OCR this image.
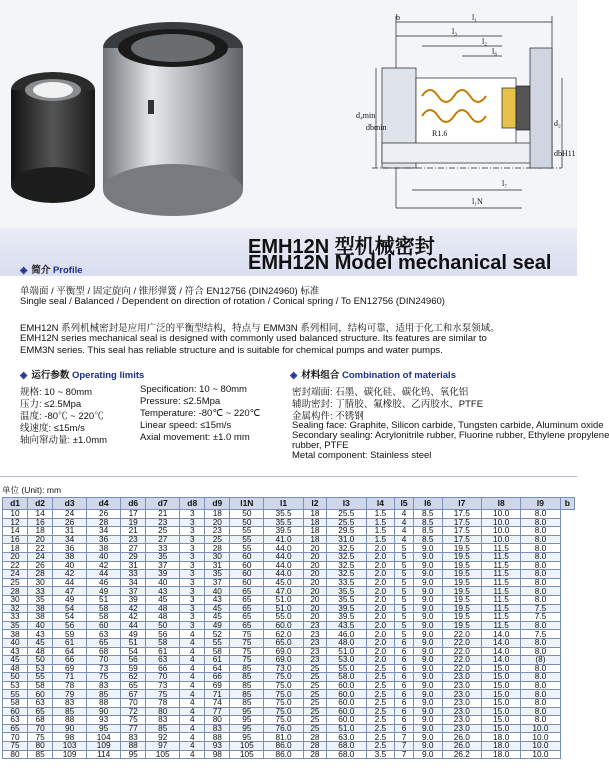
b	l₁
l₃
l₂
l₈
d₄min
dbmin	d₂
dbH11
R1.6
l₁N
l₇
EMH12N 型机械密封
EMH12N Model mechanical seal
◈ 简介 Profile
单端面 / 平衡型 / 固定旋向 / 锥形弹簧 / 符合 EN12756 (DIN24960) 标准
Single seal / Balanced / Dependent on direction of rotation / Conical spring / To EN12756 (DIN24960)
EMH12N 系列机械密封是应用广泛的平衡型结构，特点与 EMM3N 系列相同，结构可靠，适用于化工和水泵领域。
EMH12N series mechanical seal is designed with commonly used balanced structure. Its features are similar to
EMM3N series. This seal has reliable structure and is suitable for chemical pumps and water pumps.
◈ 运行参数 Operating limits
规格: 10 ~ 80mm
压力: ≤2.5Mpa
温度: -80℃ ~ 220℃
线速度: ≤15m/s
轴向窜动量: ±1.0mm
Specification: 10 ~ 80mm
Pressure: ≤2.5Mpa
Temperature: -80℃ ~ 220℃
Linear speed: ≤15m/s
Axial movement: ±1.0 mm
◈ 材料组合 Combination of materials
密封端面: 石墨、碳化硅、碳化钨、氧化铝
辅助密封: 丁腈胶、氟橡胶、乙丙胶水、PTFE
金属构件: 不锈钢
Sealing face: Graphite, Silicon carbide, Tungsten carbide, Aluminum oxide
Secondary sealing: Acrylonitrile rubber, Fluorine rubber, Ethylene propylene
rubber, PTFE
Metal component: Stainless steel
单位 (Unit): mm
d1	d2	d3	d4	d6	d7	d8	d9	l1N	l1	l2	l3	l4	l5	l6	l7	l8	l9	b
10	14	24	26	17	21	3	18	50	35.5	18	25.5	1.5	4	8.5	17.5	10.0	8.0	
12	16	26	28	19	23	3	20	50	35.5	18	25.5	1.5	4	8.5	17.5	10.0	8.0	
14	18	31	34	21	25	3	23	55	39.5	18	29.5	1.5	4	8.5	17.5	10.0	8.0	
16	20	34	36	23	27	3	25	55	41.0	18	31.0	1.5	4	8.5	17.5	10.0	8.0	
18	22	36	38	27	33	3	28	55	44.0	20	32.5	2.0	5	9.0	19.5	11.5	8.0	
20	24	38	40	29	35	3	30	60	44.0	20	32.5	2.0	5	9.0	19.5	11.5	8.0	
22	26	40	42	31	37	3	31	60	44.0	20	32.5	2.0	5	9.0	19.5	11.5	8.0	
24	28	42	44	33	39	3	35	60	44.0	20	32.5	2.0	5	9.0	19.5	11.5	8.0	
25	30	44	46	34	40	3	37	60	45.0	20	33.5	2.0	5	9.0	19.5	11.5	8.0	
28	33	47	49	37	43	3	40	65	47.0	20	35.5	2.0	5	9.0	19.5	11.5	8.0	
30	35	49	51	39	45	3	43	65	51.0	20	35.5	2.0	5	9.0	19.5	11.5	8.0	
32	38	54	58	42	48	3	45	65	51.0	20	39.5	2.0	5	9.0	19.5	11.5	7.5	
33	38	54	58	42	48	3	45	65	55.0	20	39.5	2.0	5	9.0	19.5	11.5	7.5	
35	40	56	60	44	50	3	49	65	60.0	23	43.5	2.0	5	9.0	19.5	11.5	8.0	
38	43	59	63	49	56	4	52	75	62.0	23	46.0	2.0	5	9.0	22.0	14.0	7.5	
40	45	61	65	51	58	4	55	75	65.0	23	48.0	2.0	6	9.0	22.0	14.0	8.0	
43	48	64	68	54	61	4	58	75	69.0	23	51.0	2.0	6	9.0	22.0	14.0	8.0	
45	50	66	70	56	63	4	61	75	69.0	23	53.0	2.0	6	9.0	22.0	14.0	(8)	
48	53	69	73	59	66	4	64	85	73.0	25	55.0	2.5	6	9.0	22.0	15.0	8.0	
50	55	71	75	62	70	4	66	85	75.0	25	58.0	2.5	6	9.0	23.0	15.0	8.0	
53	58	78	83	65	73	4	69	85	75.0	25	60.0	2.5	6	9.0	23.0	15.0	8.0	
55	60	79	85	67	75	4	71	85	75.0	25	60.0	2.5	6	9.0	23.0	15.0	8.0	
58	63	83	88	70	78	4	74	85	75.0	25	60.0	2.5	6	9.0	23.0	15.0	8.0	
60	65	85	90	72	80	4	77	95	75.0	25	60.0	2.5	6	9.0	23.0	15.0	8.0	
63	68	88	93	75	83	4	80	95	75.0	25	60.0	2.5	6	9.0	23.0	15.0	8.0	
65	70	90	95	77	85	4	83	95	76.0	25	51.0	2.5	6	9.0	23.0	15.0	10.0	
70	75	98	104	83	92	4	88	95	81.0	28	63.0	2.5	7	9.0	26.0	18.0	10.0	
75	80	103	109	88	97	4	93	105	86.0	28	68.0	2.5	7	9.0	26.0	18.0	10.0	
80	85	109	114	95	105	4	98	105	86.0	28	68.0	3.5	7	9.0	26.2	18.0	10.0	
